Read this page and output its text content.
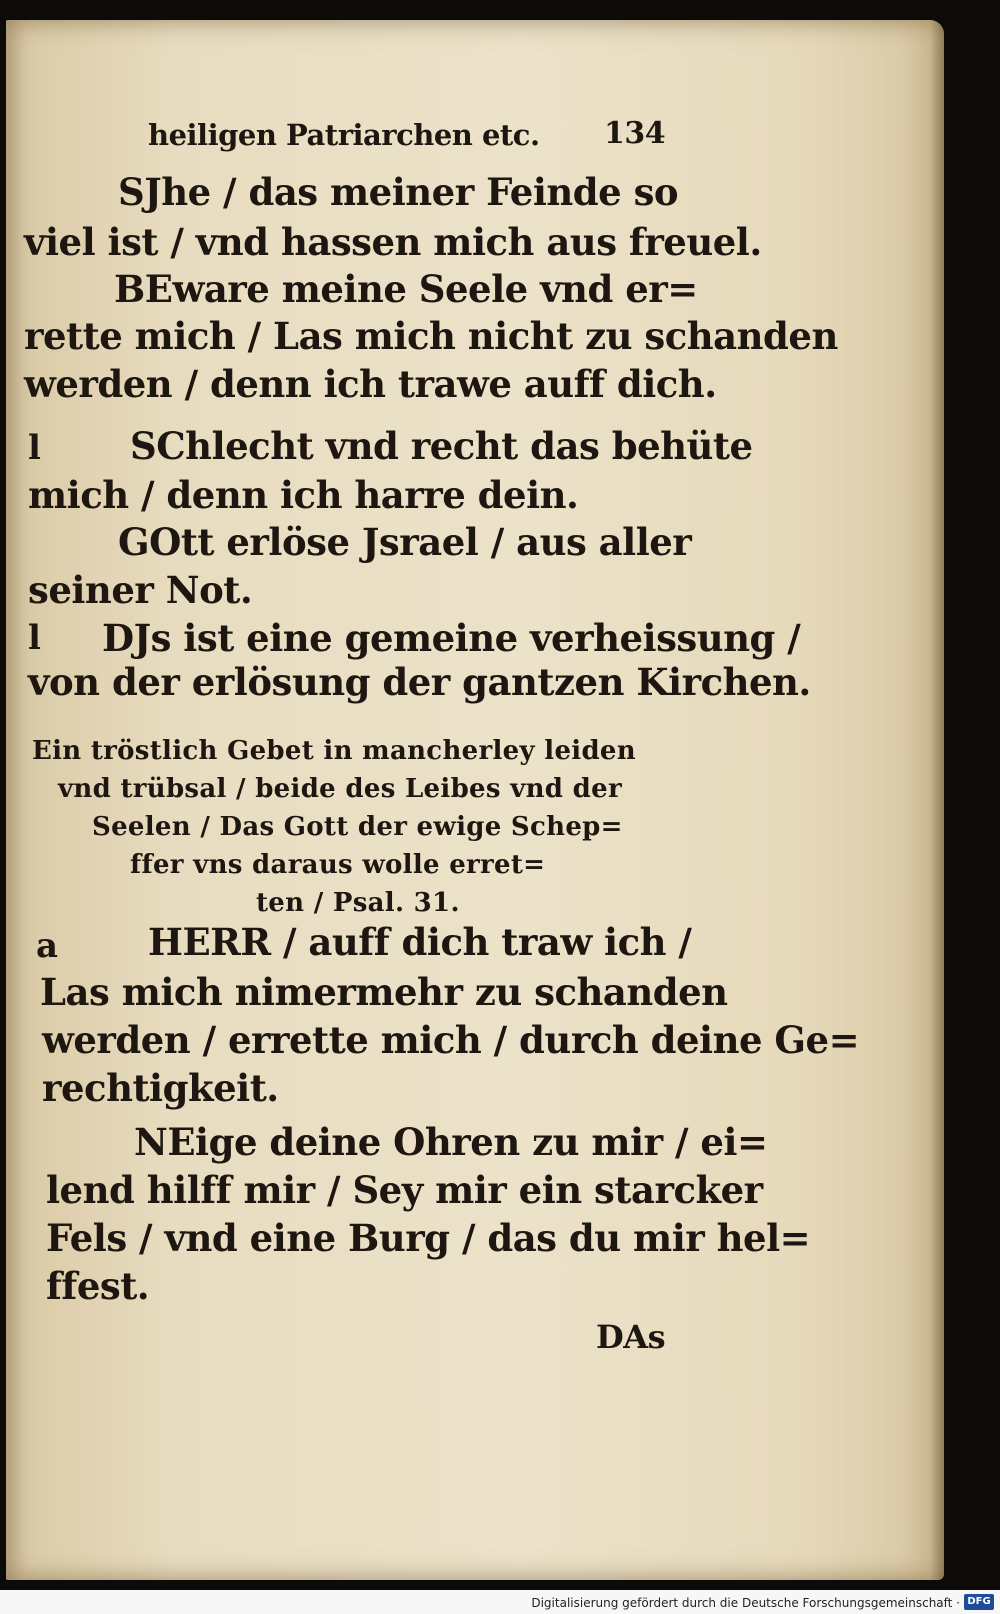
heiligen Patriarchen etc. 134
SJhe / das meiner Feinde so
viel ist / vnd hassen mich aus freuel.
BEware meine Seele vnd er=
rette mich / Las mich nicht zu schanden
werden / denn ich trawe auff dich.
l SChlecht vnd recht das behüte
mich / denn ich harre dein.
GOtt erlöse Jsrael / aus aller
seiner Not.
l DJs ist eine gemeine verheissung /
von der erlösung der gantzen Kirchen.
Ein tröstlich Gebet in mancherley leiden
vnd trübsal / beide des Leibes vnd der
Seelen / Das Gott der ewige Schep=
ffer vns daraus wolle erret=
ten / Psal. 31.
a HERR / auff dich traw ich /
Las mich nimermehr zu schanden
werden / errette mich / durch deine Ge=
rechtigkeit.
NEige deine Ohren zu mir / ei=
lend hilff mir / Sey mir ein starcker
Fels / vnd eine Burg / das du mir hel=
ffest.
DAs
Digitalisierung gefördert durch die Deutsche Forschungsgemeinschaft · DFG
